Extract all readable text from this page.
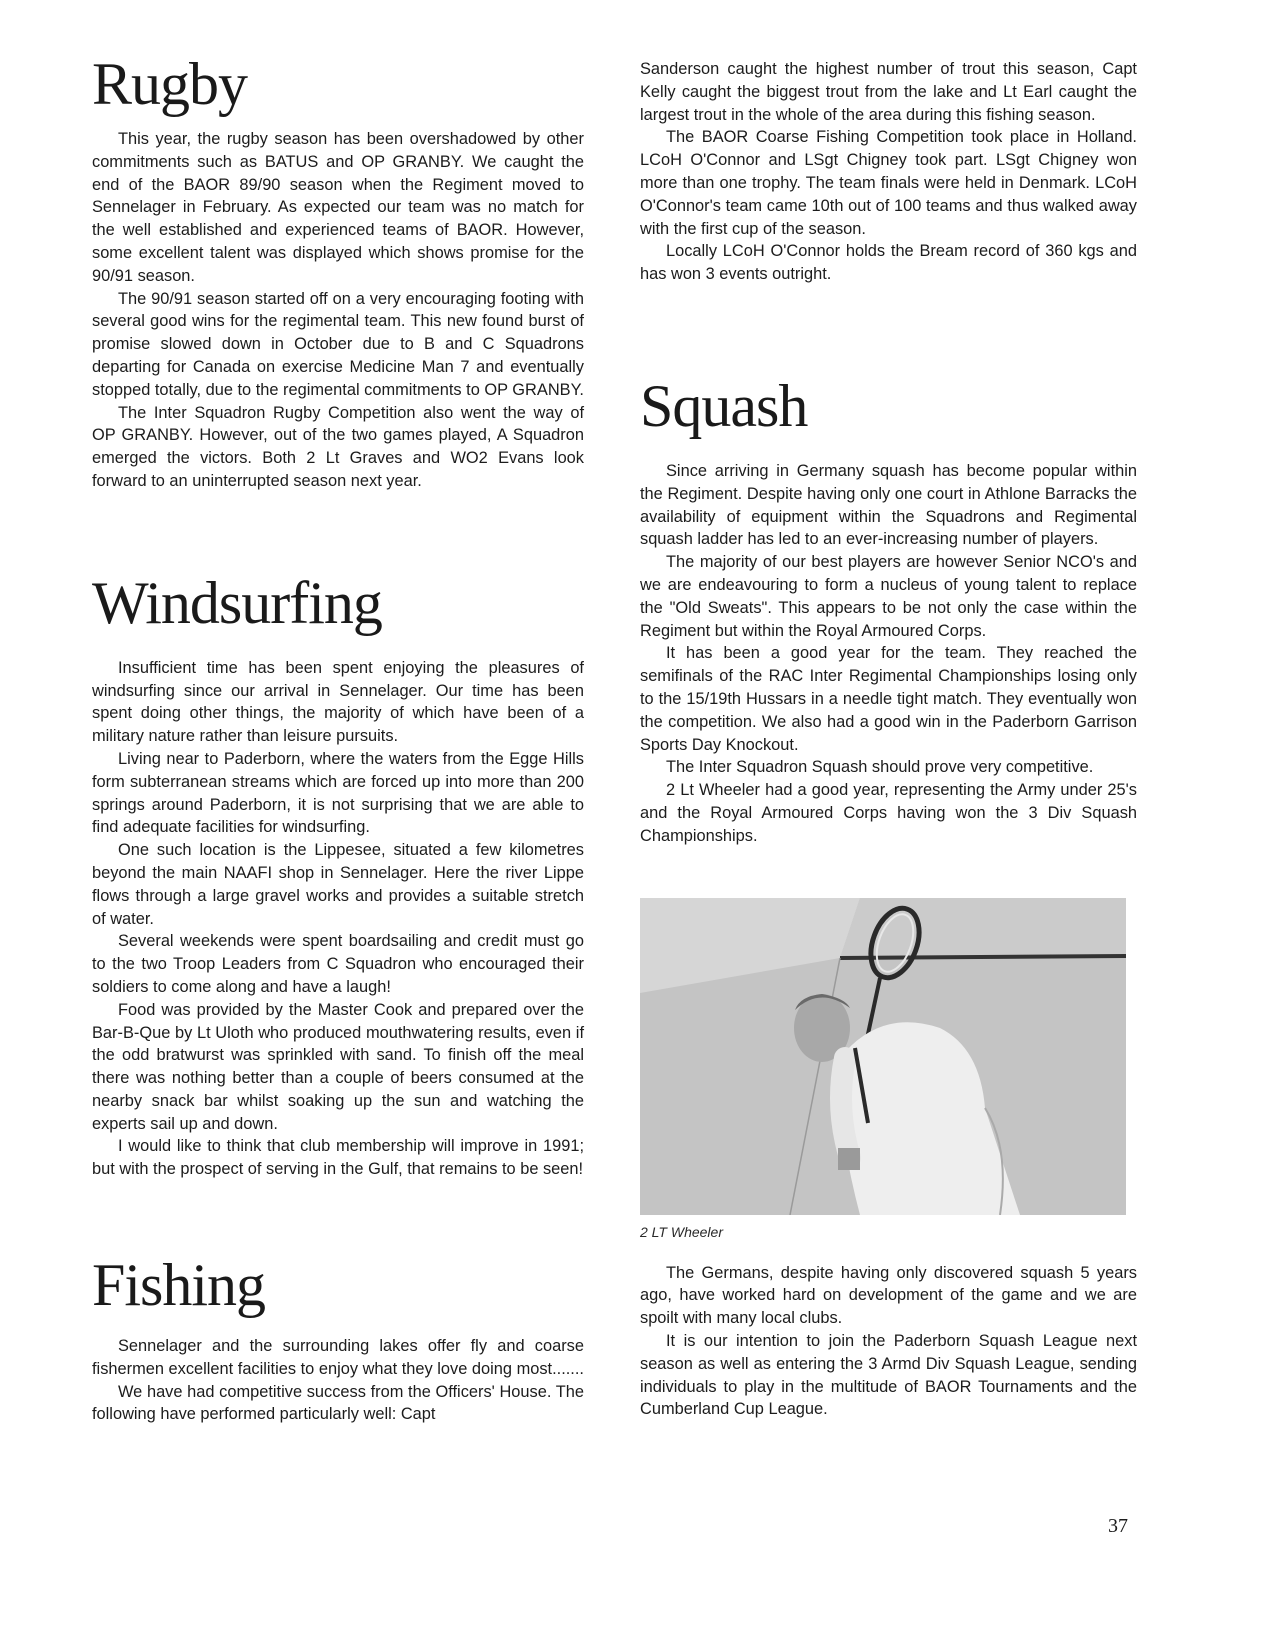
Rugby

This year, the rugby season has been overshadowed by other commitments such as BATUS and OP GRANBY. We caught the end of the BAOR 89/90 season when the Regiment moved to Sennelager in February. As expected our team was no match for the well established and experienced teams of BAOR. However, some excellent talent was displayed which shows promise for the 90/91 season.

The 90/91 season started off on a very encouraging footing with several good wins for the regimental team. This new found burst of promise slowed down in October due to B and C Squadrons departing for Canada on exercise Medicine Man 7 and eventually stopped totally, due to the regimental commitments to OP GRANBY.

The Inter Squadron Rugby Competition also went the way of OP GRANBY. However, out of the two games played, A Squadron emerged the victors. Both 2 Lt Graves and WO2 Evans look forward to an uninterrupted season next year.

Windsurfing

Insufficient time has been spent enjoying the pleasures of windsurfing since our arrival in Sennelager. Our time has been spent doing other things, the majority of which have been of a military nature rather than leisure pursuits.

Living near to Paderborn, where the waters from the Egge Hills form subterranean streams which are forced up into more than 200 springs around Paderborn, it is not surprising that we are able to find adequate facilities for windsurfing.

One such location is the Lippesee, situated a few kilometres beyond the main NAAFI shop in Sennelager. Here the river Lippe flows through a large gravel works and provides a suitable stretch of water.

Several weekends were spent boardsailing and credit must go to the two Troop Leaders from C Squadron who encouraged their soldiers to come along and have a laugh!

Food was provided by the Master Cook and prepared over the Bar-B-Que by Lt Uloth who produced mouthwatering results, even if the odd bratwurst was sprinkled with sand. To finish off the meal there was nothing better than a couple of beers consumed at the nearby snack bar whilst soaking up the sun and watching the experts sail up and down.

I would like to think that club membership will improve in 1991; but with the prospect of serving in the Gulf, that remains to be seen!

Fishing

Sennelager and the surrounding lakes offer fly and coarse fishermen excellent facilities to enjoy what they love doing most.......

We have had competitive success from the Officers' House. The following have performed particularly well: Capt

Sanderson caught the highest number of trout this season, Capt Kelly caught the biggest trout from the lake and Lt Earl caught the largest trout in the whole of the area during this fishing season.

The BAOR Coarse Fishing Competition took place in Holland. LCoH O'Connor and LSgt Chigney took part. LSgt Chigney won more than one trophy. The team finals were held in Denmark. LCoH O'Connor's team came 10th out of 100 teams and thus walked away with the first cup of the season.

Locally LCoH O'Connor holds the Bream record of 360 kgs and has won 3 events outright.

Squash

Since arriving in Germany squash has become popular within the Regiment. Despite having only one court in Athlone Barracks the availability of equipment within the Squadrons and Regimental squash ladder has led to an ever-increasing number of players.

The majority of our best players are however Senior NCO's and we are endeavouring to form a nucleus of young talent to replace the "Old Sweats". This appears to be not only the case within the Regiment but within the Royal Armoured Corps.

It has been a good year for the team. They reached the semifinals of the RAC Inter Regimental Championships losing only to the 15/19th Hussars in a needle tight match. They eventually won the competition. We also had a good win in the Paderborn Garrison Sports Day Knockout.

The Inter Squadron Squash should prove very competitive.

2 Lt Wheeler had a good year, representing the Army under 25's and the Royal Armoured Corps having won the 3 Div Squash Championships.

2 LT Wheeler

The Germans, despite having only discovered squash 5 years ago, have worked hard on development of the game and we are spoilt with many local clubs.

It is our intention to join the Paderborn Squash League next season as well as entering the 3 Armd Div Squash League, sending individuals to play in the multitude of BAOR Tournaments and the Cumberland Cup League.

37
